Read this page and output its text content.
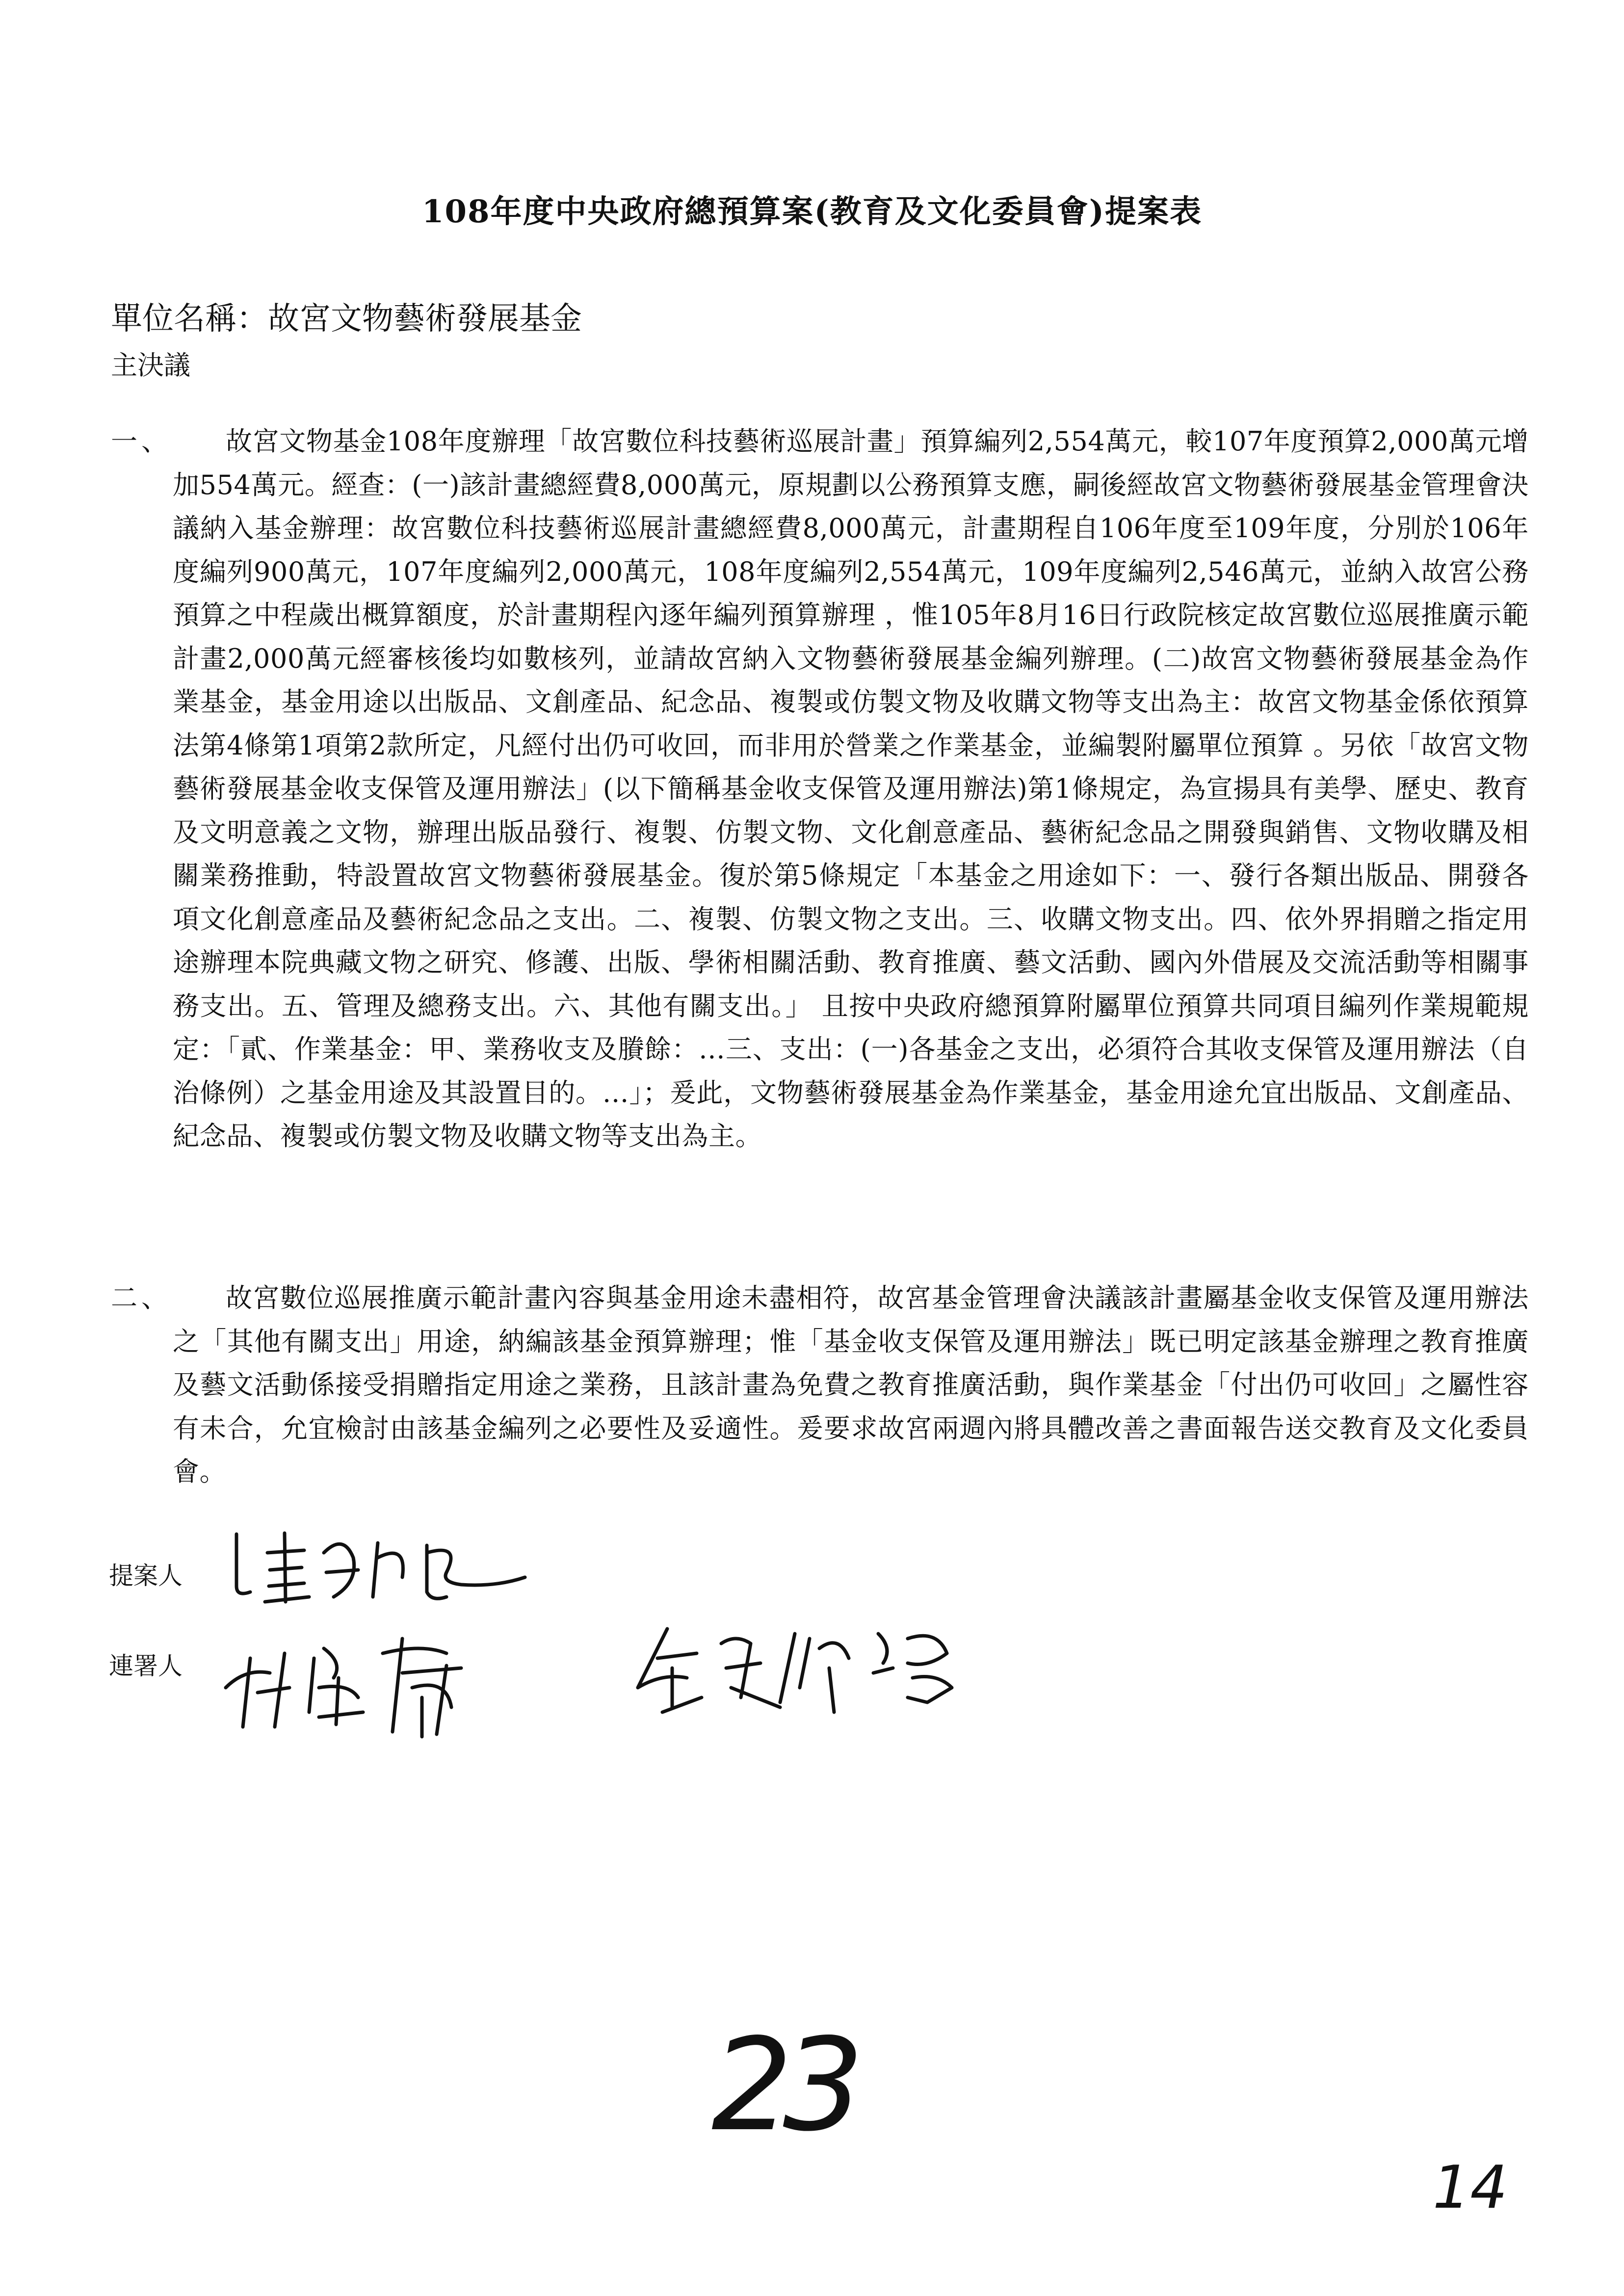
108年度中央政府總預算案(教育及文化委員會)提案表
單位名稱：故宮文物藝術發展基金
主決議
一、	故宮文物基金108年度辦理「故宮數位科技藝術巡展計畫」預算編列2,554萬元，較107年度預算2,000萬元增加554萬元。經查：(一)該計畫總經費8,000萬元，原規劃以公務預算支應，嗣後經故宮文物藝術發展基金管理會決議納入基金辦理：故宮數位科技藝術巡展計畫總經費8,000萬元，計畫期程自106年度至109年度，分別於106年度編列900萬元，107年度編列2,000萬元，108年度編列2,554萬元，109年度編列2,546萬元，並納入故宮公務預算之中程歲出概算額度，於計畫期程內逐年編列預算辦理 ，惟105年8月16日行政院核定故宮數位巡展推廣示範計畫2,000萬元經審核後均如數核列，並請故宮納入文物藝術發展基金編列辦理。(二)故宮文物藝術發展基金為作業基金，基金用途以出版品、文創產品、紀念品、複製或仿製文物及收購文物等支出為主：故宮文物基金係依預算法第4條第1項第2款所定，凡經付出仍可收回，而非用於營業之作業基金，並編製附屬單位預算 。另依「故宮文物藝術發展基金收支保管及運用辦法」(以下簡稱基金收支保管及運用辦法)第1條規定，為宣揚具有美學、歷史、教育及文明意義之文物，辦理出版品發行、複製、仿製文物、文化創意產品、藝術紀念品之開發與銷售、文物收購及相關業務推動，特設置故宮文物藝術發展基金。復於第5條規定「本基金之用途如下：一、發行各類出版品、開發各項文化創意產品及藝術紀念品之支出。二、複製、仿製文物之支出。三、收購文物支出。四、依外界捐贈之指定用途辦理本院典藏文物之研究、修護、出版、學術相關活動、教育推廣、藝文活動、國內外借展及交流活動等相關事務支出。五、管理及總務支出。六、其他有關支出。」 且按中央政府總預算附屬單位預算共同項目編列作業規範規定：「貳、作業基金：甲、業務收支及賸餘：…三、支出：(一)各基金之支出，必須符合其收支保管及運用辦法（自治條例）之基金用途及其設置目的。…」；爰此，文物藝術發展基金為作業基金，基金用途允宜出版品、文創產品、紀念品、複製或仿製文物及收購文物等支出為主。
二、	故宮數位巡展推廣示範計畫內容與基金用途未盡相符，故宮基金管理會決議該計畫屬基金收支保管及運用辦法之「其他有關支出」用途，納編該基金預算辦理；惟「基金收支保管及運用辦法」既已明定該基金辦理之教育推廣及藝文活動係接受捐贈指定用途之業務，且該計畫為免費之教育推廣活動，與作業基金「付出仍可收回」之屬性容有未合，允宜檢討由該基金編列之必要性及妥適性。爰要求故宮兩週內將具體改善之書面報告送交教育及文化委員會。
提案人
連署人
23
14
